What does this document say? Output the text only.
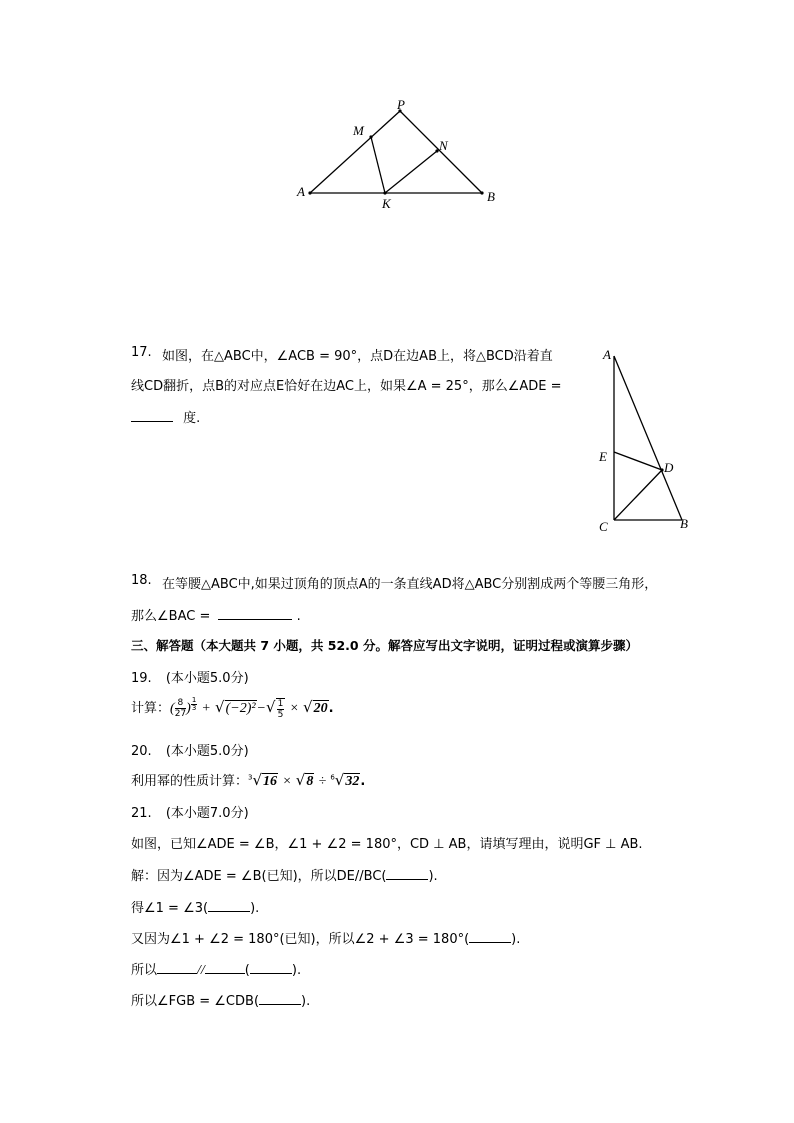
P
M
N
A
K	B
17. 如图，在△ABC中，∠ACB = 90°，点D在边AB上，将△BCD沿着直
线CD翻折，点B的对应点E恰好在边AC上，如果∠A = 25°，那么∠ADE =
度.
A
E
D
C	B
18. 在等腰△ABC中,如果过顶角的顶点A的一条直线AD将△ABC分别割成两个等腰三角形，
那么∠BAC =	.
三、解答题（本大题共 7 小题，共 52.0 分。解答应写出文字说明，证明过程或演算步骤）
19. (本小题5.0分)
计算：( $\frac{8}{27}$ ) $^{\frac{1}{3}} + √(-2)^2-√ \frac{1}{5} \times √20$.
20. (本小题5.0分)
利用幂的性质计算：$^3$√16 × √8 ÷ $^6$√32.
21. (本小题7.0分)
如图，已知∠ADE = ∠B，∠1 + ∠2 = 180°，CD ⊥ AB，请填写理由，说明GF ⊥ AB.
解：因为∠ADE = ∠B(已知)，所以DE//BC(	).
得∠1 = ∠3(	).
又因为∠1 + ∠2 = 180°(已知)，所以∠2 + ∠3 = 180°(	).
所以	//	(	).
所以∠FGB = ∠CDB(	).
